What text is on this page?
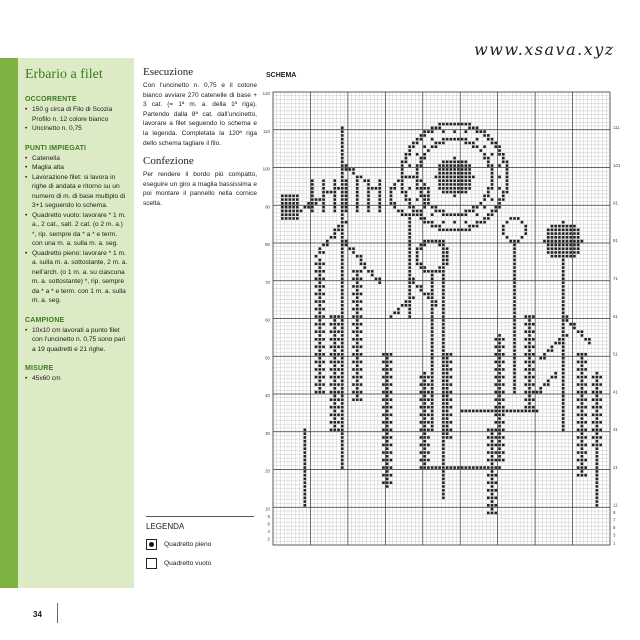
Erbario a filet
OCCORRENTE
• 150 g circa di Filo di Scozia Profilo n. 12 colore bianco
• Uncinetto n. 0,75
PUNTI IMPIEGATI
• Catenella
• Maglia alta
• Lavorazione filet: si lavora in righe di andata e ritorno su un numero di m. di base multiplo di 3+1 seguendo lo schema.
• Quadretto vuoto: lavorare * 1 m. a., 2 cat., salt. 2 cat. (o 2 m. a.) *, rip. sempre da * a * e term. con una m. a. sulla m. a. seg.
• Quadretto pieno: lavorare * 1 m. a. sulla m. a. sottostante, 2 m. a. nell’arch. (o 1 m. a. su ciascuna m. a. sottostante) *, rip. sempre da * a * e term. con 1 m. a. sulla m. a. seg.
CAMPIONE
• 10x10 cm lavorati a punto filet con l’uncinetto n. 0,75 sono pari a 19 quadretti e 21 righe.
MISURE
• 45x60 cm
Esecuzione

Con l’uncinetto n. 0,75 e il cotone bianco avviare 270 catenelle di base + 3 cat. (= 1ª m. a. della 1ª riga). Partendo dalla 8ª cat. dall’uncinetto, lavorare a filet seguendo lo schema e la legenda. Completata la 120ª riga dello schema tagliare il filo.

Confezione

Per rendere il bordo più compatto, eseguire un giro a maglia bassissima e poi montare il pannello nella cornice scelta.

www.xsava.xyz
SCHEMA
120
110
100
90
80
70
60
50
40
30
20
10
8
6
4
2
111
101
91
81
71
61
51
41
31
21
11
9
7
5
3
1
LEGENDA
Quadretto pieno
Quadretto vuoto
34
